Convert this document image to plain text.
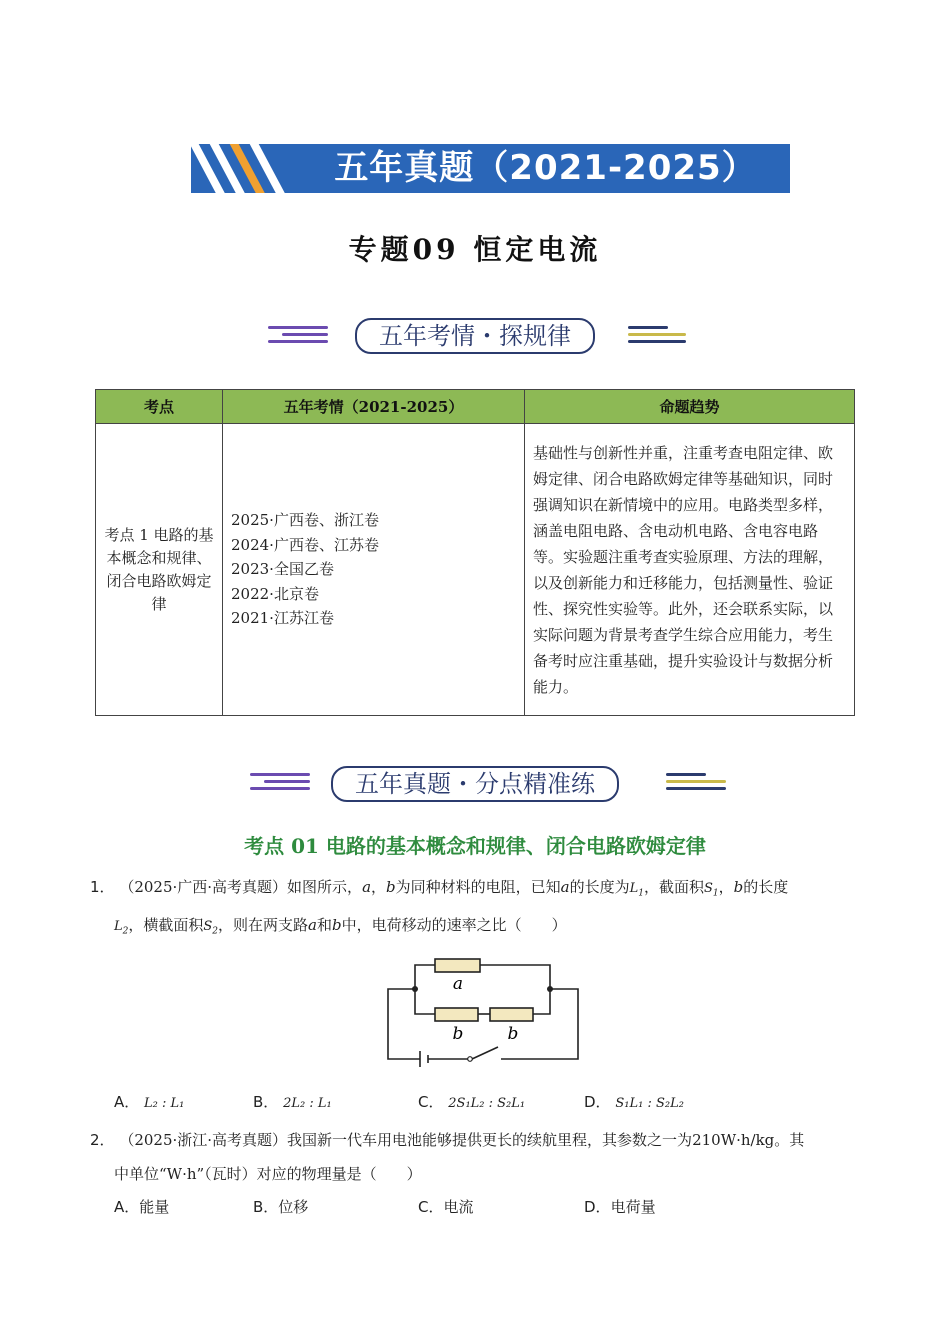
五年真题（2021-2025）
专题09 恒定电流
五年考情・探规律
考点	五年考情（2021-2025）	命题趋势
考点 1 电路的基本概念和规律、闭合电路欧姆定律	2025·广西卷、浙江卷
2024·广西卷、江苏卷
2023·全国乙卷
2022·北京卷
2021·江苏江卷	基础性与创新性并重，注重考查电阻定律、欧姆定律、闭合电路欧姆定律等基础知识，同时强调知识在新情境中的应用。电路类型多样，涵盖电阻电路、含电动机电路、含电容电路等。实验题注重考查实验原理、方法的理解，以及创新能力和迁移能力，包括测量性、验证性、探究性实验等。此外，还会联系实际，以实际问题为背景考查学生综合应用能力，考生备考时应注重基础，提升实验设计与数据分析能力。
五年真题・分点精准练
考点 01 电路的基本概念和规律、闭合电路欧姆定律
1． （2025·广西·高考真题）如图所示，a，b为同种材料的电阻，已知a的长度为$L_1$，截面积$S_1$，b的长度
$L_2$，横截面积$S_2$，则在两支路a和b中，电荷移动的速率之比（　　）
a
b	b
A． L₂ : L₁	B． 2L₂ : L₁	C． 2S₁L₂ : S₂L₁	D． S₁L₁ : S₂L₂
2． （2025·浙江·高考真题）我国新一代车用电池能够提供更长的续航里程，其参数之一为210W·h/kg。其
中单位“W·h”（瓦时）对应的物理量是（　　）
A．能量	B．位移	C．电流	D．电荷量
